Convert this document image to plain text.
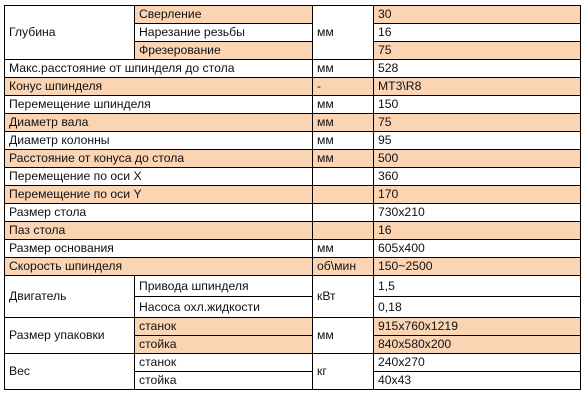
Глубина	Сверление	мм	30
	Нарезание резьбы		16
	Фрезерование		75
Макс.расстояние от шпинделя до стола		мм	528
Конус шпинделя		-	MT3\R8
Перемещение шпинделя		мм	150
Диаметр вала		мм	75
Диаметр колонны		мм	95
Расстояние от конуса до стола		мм	500
Перемещение по оси X			360
Перемещение по оси Y			170
Размер стола			730x210
Паз стола			16
Размер основания		мм	605x400
Скорость шпинделя		об\мин	150~2500
Двигатель	Привода шпинделя	кВт	1,5
	Насоса охл.жидкости		0,18
Размер упаковки	станок	мм	915x760x1219
	стойка		840x580x200
Вес	станок	кг	240x270
	стойка		40x43
